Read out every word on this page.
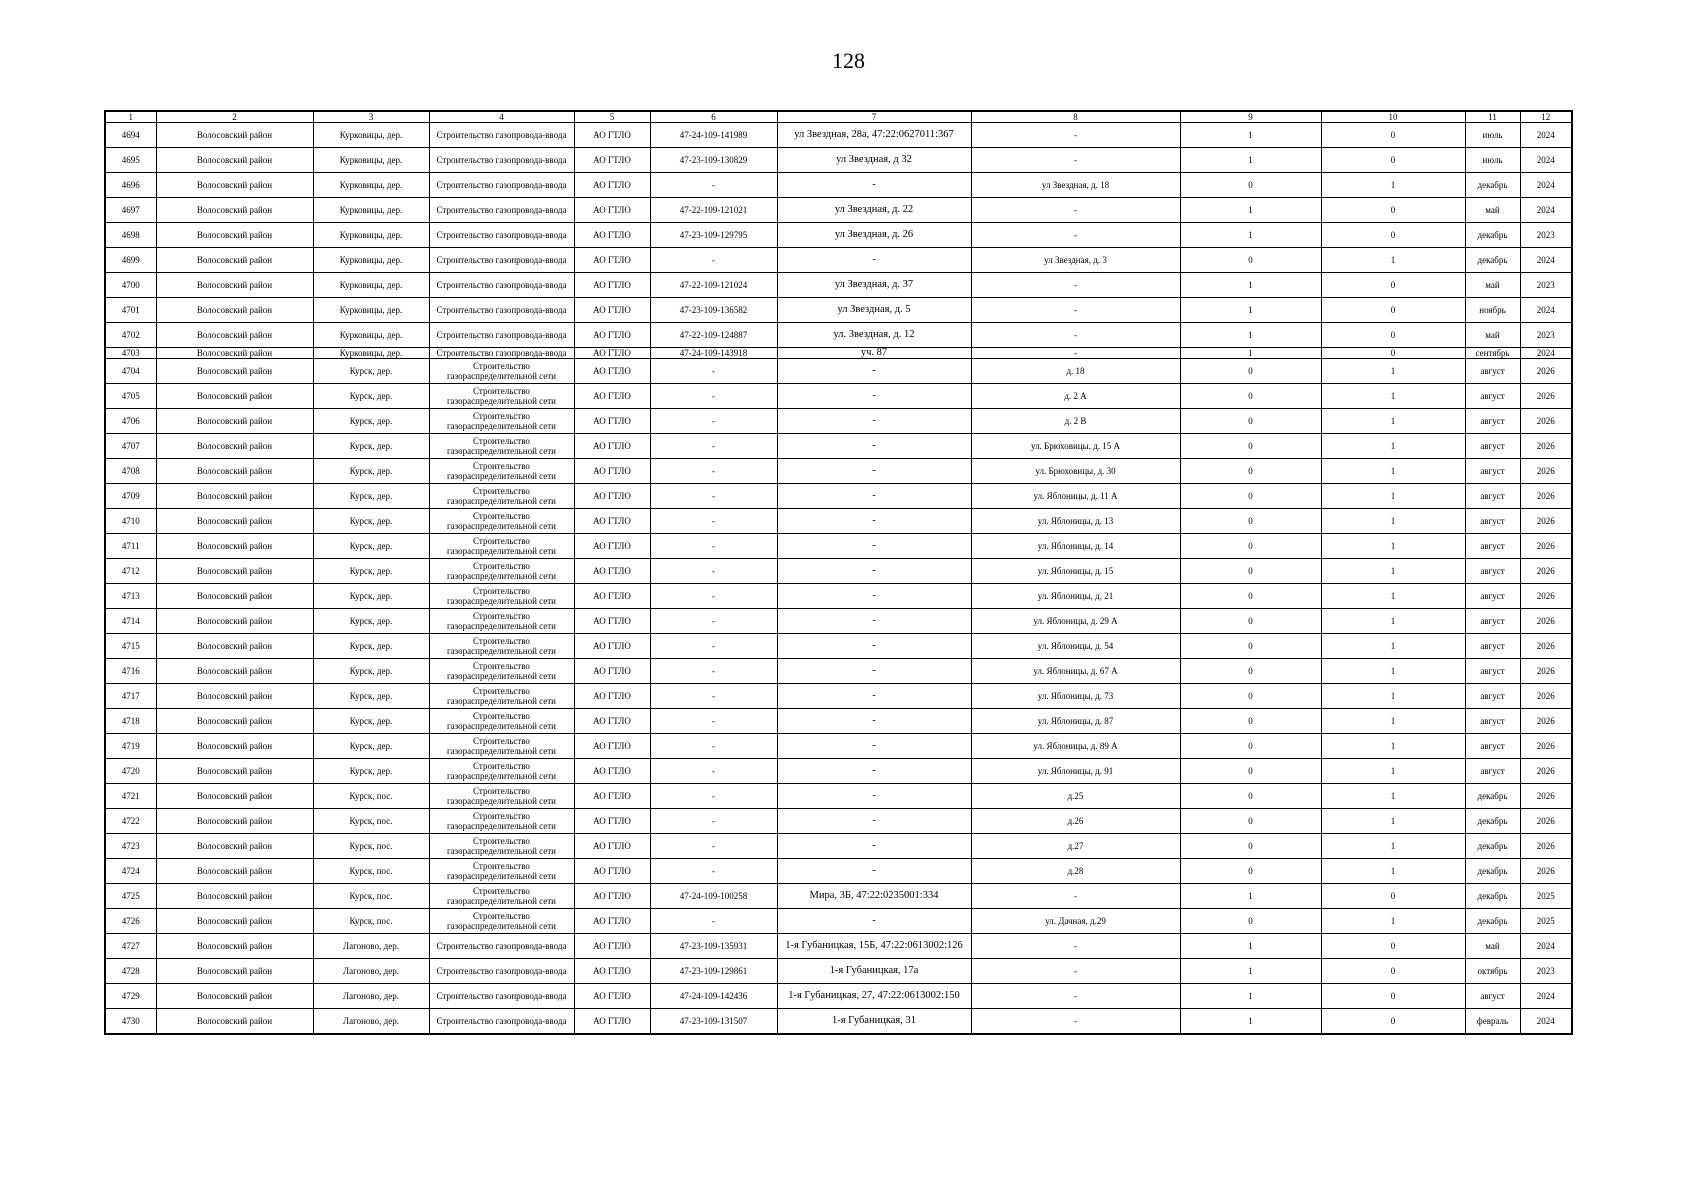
128
1	2	3	4	5	6	7	8	9	10	11	12
4694	Волосовский район	Курковицы, дер.	Строительство газопровода-ввода	АО ГТЛО	47-24-109-141989	ул Звездная, 28а, 47:22:0627011:367	-	1	0	июль	2024
4695	Волосовский район	Курковицы, дер.	Строительство газопровода-ввода	АО ГТЛО	47-23-109-130829	ул Звездная, д 32	-	1	0	июль	2024
4696	Волосовский район	Курковицы, дер.	Строительство газопровода-ввода	АО ГТЛО	-	-	ул Звездная, д. 18	0	1	декабрь	2024
4697	Волосовский район	Курковицы, дер.	Строительство газопровода-ввода	АО ГТЛО	47-22-109-121021	ул Звездная, д. 22	-	1	0	май	2024
4698	Волосовский район	Курковицы, дер.	Строительство газопровода-ввода	АО ГТЛО	47-23-109-129795	ул Звездная, д. 26	-	1	0	декабрь	2023
4699	Волосовский район	Курковицы, дер.	Строительство газопровода-ввода	АО ГТЛО	-	-	ул Звездная, д. 3	0	1	декабрь	2024
4700	Волосовский район	Курковицы, дер.	Строительство газопровода-ввода	АО ГТЛО	47-22-109-121024	ул Звездная, д. 37	-	1	0	май	2023
4701	Волосовский район	Курковицы, дер.	Строительство газопровода-ввода	АО ГТЛО	47-23-109-136582	ул Звездная, д. 5	-	1	0	ноябрь	2024
4702	Волосовский район	Курковицы, дер.	Строительство газопровода-ввода	АО ГТЛО	47-22-109-124887	ул. Звездная, д. 12	-	1	0	май	2023
4703	Волосовский район	Курковицы, дер.	Строительство газопровода-ввода	АО ГТЛО	47-24-109-143918	уч. 87	-	1	0	сентябрь	2024
4704	Волосовский район	Курск, дер.	Строительство газораспределительной сети	АО ГТЛО	-	-	д. 18	0	1	август	2026
4705	Волосовский район	Курск, дер.	Строительство газораспределительной сети	АО ГТЛО	-	-	д. 2 А	0	1	август	2026
4706	Волосовский район	Курск, дер.	Строительство газораспределительной сети	АО ГТЛО	-	-	д. 2 В	0	1	август	2026
4707	Волосовский район	Курск, дер.	Строительство газораспределительной сети	АО ГТЛО	-	-	ул. Брюховицы, д. 15 А	0	1	август	2026
4708	Волосовский район	Курск, дер.	Строительство газораспределительной сети	АО ГТЛО	-	-	ул. Брюховицы, д. 30	0	1	август	2026
4709	Волосовский район	Курск, дер.	Строительство газораспределительной сети	АО ГТЛО	-	-	ул. Яблоницы, д. 11 А	0	1	август	2026
4710	Волосовский район	Курск, дер.	Строительство газораспределительной сети	АО ГТЛО	-	-	ул. Яблоницы, д. 13	0	1	август	2026
4711	Волосовский район	Курск, дер.	Строительство газораспределительной сети	АО ГТЛО	-	-	ул. Яблоницы, д. 14	0	1	август	2026
4712	Волосовский район	Курск, дер.	Строительство газораспределительной сети	АО ГТЛО	-	-	ул. Яблоницы, д. 15	0	1	август	2026
4713	Волосовский район	Курск, дер.	Строительство газораспределительной сети	АО ГТЛО	-	-	ул. Яблоницы, д. 21	0	1	август	2026
4714	Волосовский район	Курск, дер.	Строительство газораспределительной сети	АО ГТЛО	-	-	ул. Яблоницы, д. 29 А	0	1	август	2026
4715	Волосовский район	Курск, дер.	Строительство газораспределительной сети	АО ГТЛО	-	-	ул. Яблоницы, д. 54	0	1	август	2026
4716	Волосовский район	Курск, дер.	Строительство газораспределительной сети	АО ГТЛО	-	-	ул. Яблоницы, д. 67 А	0	1	август	2026
4717	Волосовский район	Курск, дер.	Строительство газораспределительной сети	АО ГТЛО	-	-	ул. Яблоницы, д. 73	0	1	август	2026
4718	Волосовский район	Курск, дер.	Строительство газораспределительной сети	АО ГТЛО	-	-	ул. Яблоницы, д. 87	0	1	август	2026
4719	Волосовский район	Курск, дер.	Строительство газораспределительной сети	АО ГТЛО	-	-	ул. Яблоницы, д. 89 А	0	1	август	2026
4720	Волосовский район	Курск, дер.	Строительство газораспределительной сети	АО ГТЛО	-	-	ул. Яблоницы, д. 91	0	1	август	2026
4721	Волосовский район	Курск, пос.	Строительство газораспределительной сети	АО ГТЛО	-	-	д.25	0	1	декабрь	2026
4722	Волосовский район	Курск, пос.	Строительство газораспределительной сети	АО ГТЛО	-	-	д.26	0	1	декабрь	2026
4723	Волосовский район	Курск, пос.	Строительство газораспределительной сети	АО ГТЛО	-	-	д.27	0	1	декабрь	2026
4724	Волосовский район	Курск, пос.	Строительство газораспределительной сети	АО ГТЛО	-	-	д.28	0	1	декабрь	2026
4725	Волосовский район	Курск, пос.	Строительство газораспределительной сети	АО ГТЛО	47-24-109-100258	Мира, 3Б, 47:22:0235001:334	-	1	0	декабрь	2025
4726	Волосовский район	Курск, пос.	Строительство газораспределительной сети	АО ГТЛО	-	-	ул. Дачная, д.29	0	1	декабрь	2025
4727	Волосовский район	Лагоново, дер.	Строительство газопровода-ввода	АО ГТЛО	47-23-109-135931	1-я Губаницкая, 15Б, 47:22:0613002:126	-	1	0	май	2024
4728	Волосовский район	Лагоново, дер.	Строительство газопровода-ввода	АО ГТЛО	47-23-109-129861	1-я Губаницкая, 17а	-	1	0	октябрь	2023
4729	Волосовский район	Лагоново, дер.	Строительство газопровода-ввода	АО ГТЛО	47-24-109-142436	1-я Губаницкая, 27, 47:22:0613002:150	-	1	0	август	2024
4730	Волосовский район	Лагоново, дер.	Строительство газопровода-ввода	АО ГТЛО	47-23-109-131507	1-я Губаницкая, 31	-	1	0	февраль	2024
